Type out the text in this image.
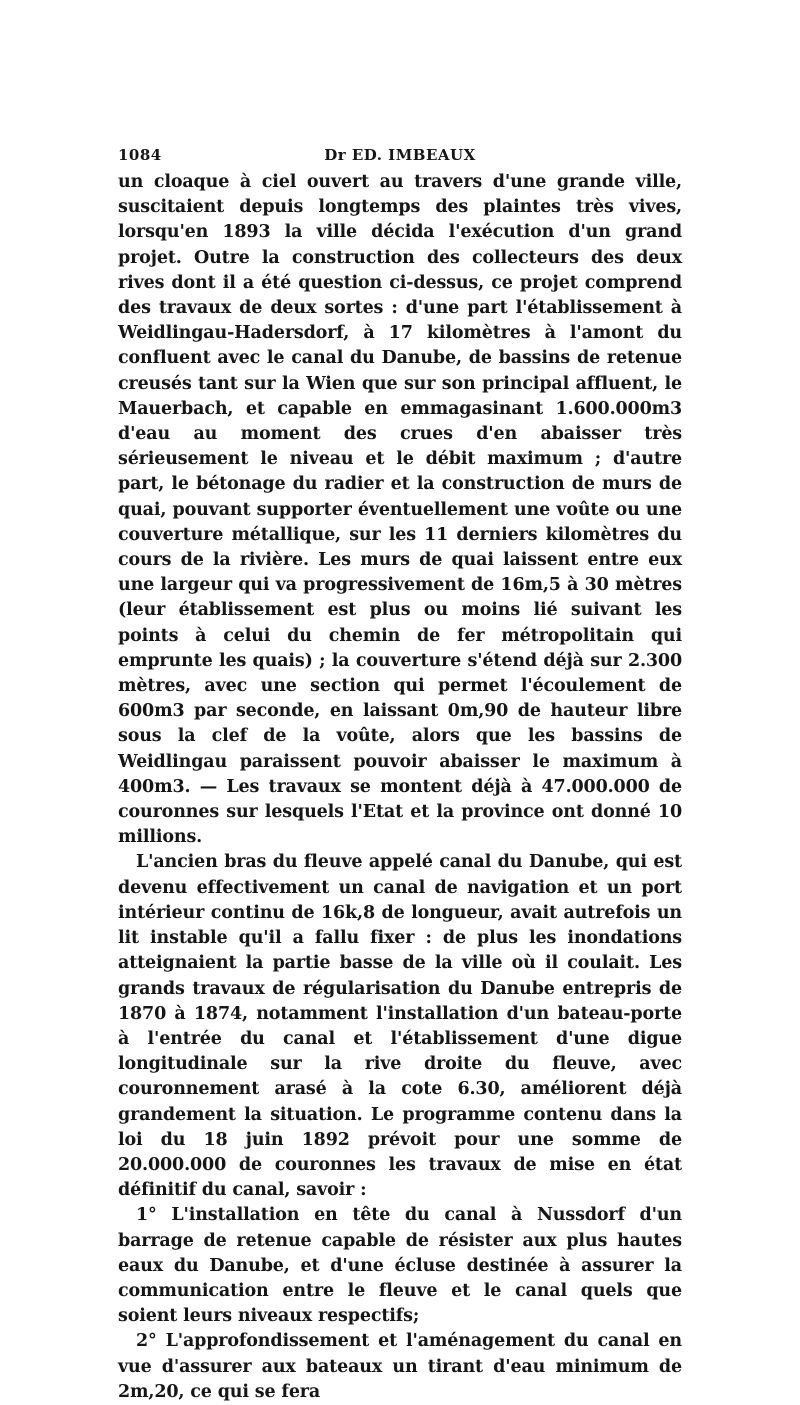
1084	Dr ED. IMBEAUX

un cloaque à ciel ouvert au travers d'une grande ville, suscitaient depuis longtemps des plaintes très vives, lorsqu'en 1893 la ville décida l'exécution d'un grand projet. Outre la construction des collecteurs des deux rives dont il a été question ci-dessus, ce projet comprend des travaux de deux sortes : d'une part l'établissement à Weidlingau-Hadersdorf, à 17 kilomètres à l'amont du confluent avec le canal du Danube, de bassins de retenue creusés tant sur la Wien que sur son principal affluent, le Mauerbach, et capable en emmagasinant 1.600.000m3 d'eau au moment des crues d'en abaisser très sérieusement le niveau et le débit maximum ; d'autre part, le bétonage du radier et la construction de murs de quai, pouvant supporter éventuellement une voûte ou une couverture métallique, sur les 11 derniers kilomètres du cours de la rivière. Les murs de quai laissent entre eux une largeur qui va progressivement de 16m,5 à 30 mètres (leur établissement est plus ou moins lié suivant les points à celui du chemin de fer métropolitain qui emprunte les quais) ; la couverture s'étend déjà sur 2.300 mètres, avec une section qui permet l'écoulement de 600m3 par seconde, en laissant 0m,90 de hauteur libre sous la clef de la voûte, alors que les bassins de Weidlingau paraissent pouvoir abaisser le maximum à 400m3. — Les travaux se montent déjà à 47.000.000 de couronnes sur lesquels l'Etat et la province ont donné 10 millions.

L'ancien bras du fleuve appelé canal du Danube, qui est devenu effectivement un canal de navigation et un port intérieur continu de 16k,8 de longueur, avait autrefois un lit instable qu'il a fallu fixer : de plus les inondations atteignaient la partie basse de la ville où il coulait. Les grands travaux de régularisation du Danube entrepris de 1870 à 1874, notamment l'installation d'un bateau-porte à l'entrée du canal et l'établissement d'une digue longitudinale sur la rive droite du fleuve, avec couronnement arasé à la cote 6.30, améliorent déjà grandement la situation. Le programme contenu dans la loi du 18 juin 1892 prévoit pour une somme de 20.000.000 de couronnes les travaux de mise en état définitif du canal, savoir :

1° L'installation en tête du canal à Nussdorf d'un barrage de retenue capable de résister aux plus hautes eaux du Danube, et d'une écluse destinée à assurer la communication entre le fleuve et le canal quels que soient leurs niveaux respectifs;

2° L'approfondissement et l'aménagement du canal en vue d'assurer aux bateaux un tirant d'eau minimum de 2m,20, ce qui se fera
